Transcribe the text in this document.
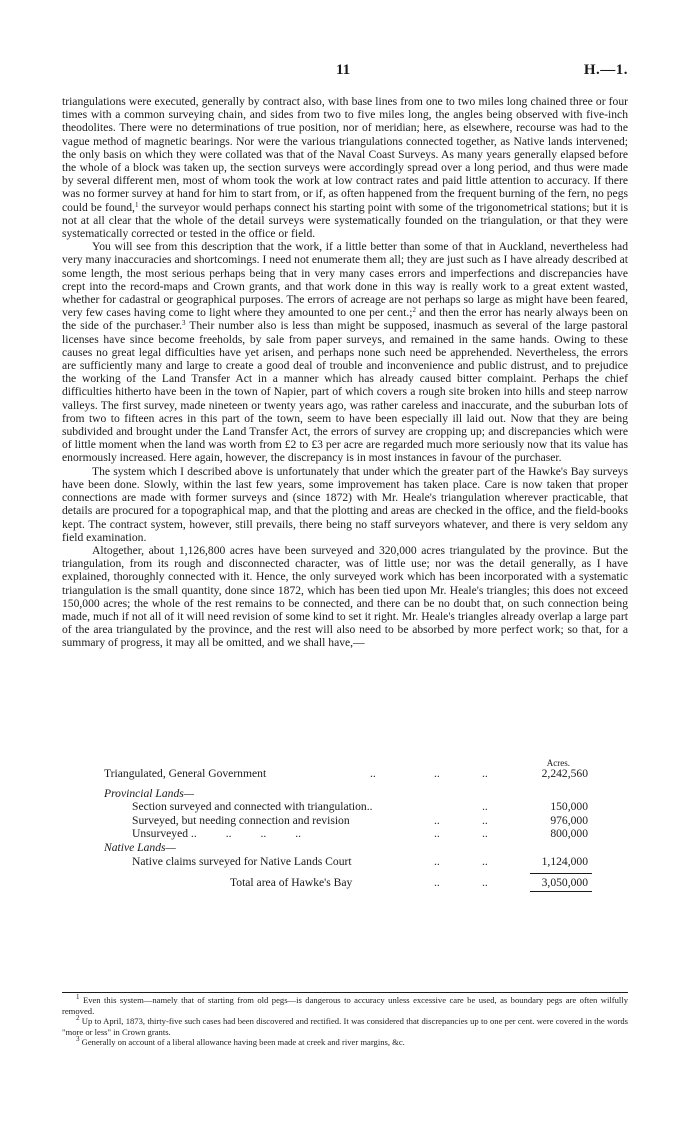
11	H.—1.

triangulations were executed, generally by contract also, with base lines from one to two miles long chained three or four times with a common surveying chain, and sides from two to five miles long, the angles being observed with five-inch theodolites. There were no determinations of true position, nor of meridian; here, as elsewhere, recourse was had to the vague method of magnetic bearings. Nor were the various triangulations connected together, as Native lands intervened; the only basis on which they were collated was that of the Naval Coast Surveys. As many years generally elapsed before the whole of a block was taken up, the section surveys were accordingly spread over a long period, and thus were made by several different men, most of whom took the work at low contract rates and paid little attention to accuracy. If there was no former survey at hand for him to start from, or if, as often happened from the frequent burning of the fern, no pegs could be found,$^1$ the surveyor would perhaps connect his starting point with some of the trigonometrical stations; but it is not at all clear that the whole of the detail surveys were systematically founded on the triangulation, or that they were systematically corrected or tested in the office or field.

You will see from this description that the work, if a little better than some of that in Auckland, nevertheless had very many inaccuracies and shortcomings. I need not enumerate them all; they are just such as I have already described at some length, the most serious perhaps being that in very many cases errors and imperfections and discrepancies have crept into the record-maps and Crown grants, and that work done in this way is really work to a great extent wasted, whether for cadastral or geographical purposes. The errors of acreage are not perhaps so large as might have been feared, very few cases having come to light where they amounted to one per cent.;$^2$ and then the error has nearly always been on the side of the purchaser.$^3$ Their number also is less than might be supposed, inasmuch as several of the large pastoral licenses have since become freeholds, by sale from paper surveys, and remained in the same hands. Owing to these causes no great legal difficulties have yet arisen, and perhaps none such need be apprehended. Nevertheless, the errors are sufficiently many and large to create a good deal of trouble and inconvenience and public distrust, and to prejudice the working of the Land Transfer Act in a manner which has already caused bitter complaint. Perhaps the chief difficulties hitherto have been in the town of Napier, part of which covers a rough site broken into hills and steep narrow valleys. The first survey, made nineteen or twenty years ago, was rather careless and inaccurate, and the suburban lots of from two to fifteen acres in this part of the town, seem to have been especially ill laid out. Now that they are being subdivided and brought under the Land Transfer Act, the errors of survey are cropping up; and discrepancies which were of little moment when the land was worth from £2 to £3 per acre are regarded much more seriously now that its value has enormously increased. Here again, however, the discrepancy is in most instances in favour of the purchaser.

The system which I described above is unfortunately that under which the greater part of the Hawke's Bay surveys have been done. Slowly, within the last few years, some improvement has taken place. Care is now taken that proper connections are made with former surveys and (since 1872) with Mr. Heale's triangulation wherever practicable, that details are procured for a topographical map, and that the plotting and areas are checked in the office, and the field-books kept. The contract system, however, still prevails, there being no staff surveyors whatever, and there is very seldom any field examination.

Altogether, about 1,126,800 acres have been surveyed and 320,000 acres triangulated by the province. But the triangulation, from its rough and disconnected character, was of little use; nor was the detail generally, as I have explained, thoroughly connected with it. Hence, the only surveyed work which has been incorporated with a systematic triangulation is the small quantity, done since 1872, which has been tied upon Mr. Heale's triangles; this does not exceed 150,000 acres; the whole of the rest remains to be connected, and there can be no doubt that, on such connection being made, much if not all of it will need revision of some kind to set it right. Mr. Heale's triangles already overlap a large part of the area triangulated by the province, and the rest will also need to be absorbed by more perfect work; so that, for a summary of progress, it may all be omitted, and we shall have,—

Acres.
Triangulated, General Government	..	..	..	2,242,560
Provincial Lands—
Section surveyed and connected with triangulation..	..	150,000
Surveyed, but needing connection and revision	..	..	976,000
Unsurveyed ..          ..          ..          ..	..	..	800,000
Native Lands—
Native claims surveyed for Native Lands Court	..	..	1,124,000
Total area of Hawke's Bay	..	..	3,050,000

$^1$ Even this system—namely that of starting from old pegs—is dangerous to accuracy unless excessive care be used, as boundary pegs are often wilfully removed.

$^2$ Up to April, 1873, thirty-five such cases had been discovered and rectified. It was considered that discrepancies up to one per cent. were covered in the words "more or less" in Crown grants.

$^3$ Generally on account of a liberal allowance having been made at creek and river margins, &c.
